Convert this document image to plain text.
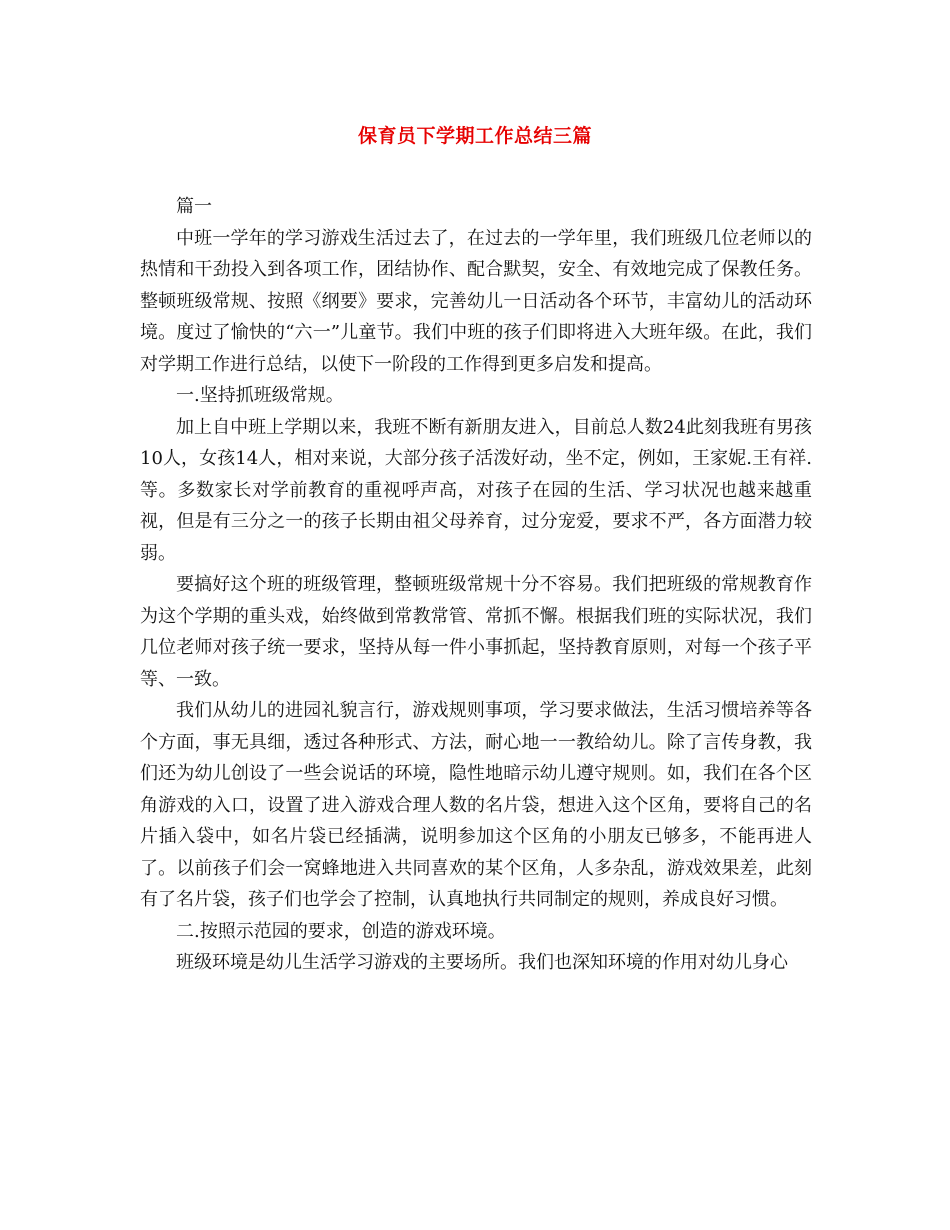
保育员下学期工作总结三篇

篇一

中班一学年的学习游戏生活过去了，在过去的一学年里，我们班级几位老师以的热情和干劲投入到各项工作，团结协作、配合默契，安全、有效地完成了保教任务。整顿班级常规、按照《纲要》要求，完善幼儿一日活动各个环节，丰富幼儿的活动环境。度过了愉快的“六一”儿童节。我们中班的孩子们即将进入大班年级。在此，我们对学期工作进行总结，以使下一阶段的工作得到更多启发和提高。

一.坚持抓班级常规。

加上自中班上学期以来，我班不断有新朋友进入，目前总人数24此刻我班有男孩10人，女孩14人，相对来说，大部分孩子活泼好动，坐不定，例如，王家妮.王有祥.等。多数家长对学前教育的重视呼声高，对孩子在园的生活、学习状况也越来越重视，但是有三分之一的孩子长期由祖父母养育，过分宠爱，要求不严，各方面潜力较弱。

要搞好这个班的班级管理，整顿班级常规十分不容易。我们把班级的常规教育作为这个学期的重头戏，始终做到常教常管、常抓不懈。根据我们班的实际状况，我们几位老师对孩子统一要求，坚持从每一件小事抓起，坚持教育原则，对每一个孩子平等、一致。

我们从幼儿的进园礼貌言行，游戏规则事项，学习要求做法，生活习惯培养等各个方面，事无具细，透过各种形式、方法，耐心地一一教给幼儿。除了言传身教，我们还为幼儿创设了一些会说话的环境，隐性地暗示幼儿遵守规则。如，我们在各个区角游戏的入口，设置了进入游戏合理人数的名片袋，想进入这个区角，要将自己的名片插入袋中，如名片袋已经插满，说明参加这个区角的小朋友已够多，不能再进人了。以前孩子们会一窝蜂地进入共同喜欢的某个区角，人多杂乱，游戏效果差，此刻有了名片袋，孩子们也学会了控制，认真地执行共同制定的规则，养成良好习惯。

二.按照示范园的要求，创造的游戏环境。

班级环境是幼儿生活学习游戏的主要场所。我们也深知环境的作用对幼儿身心
